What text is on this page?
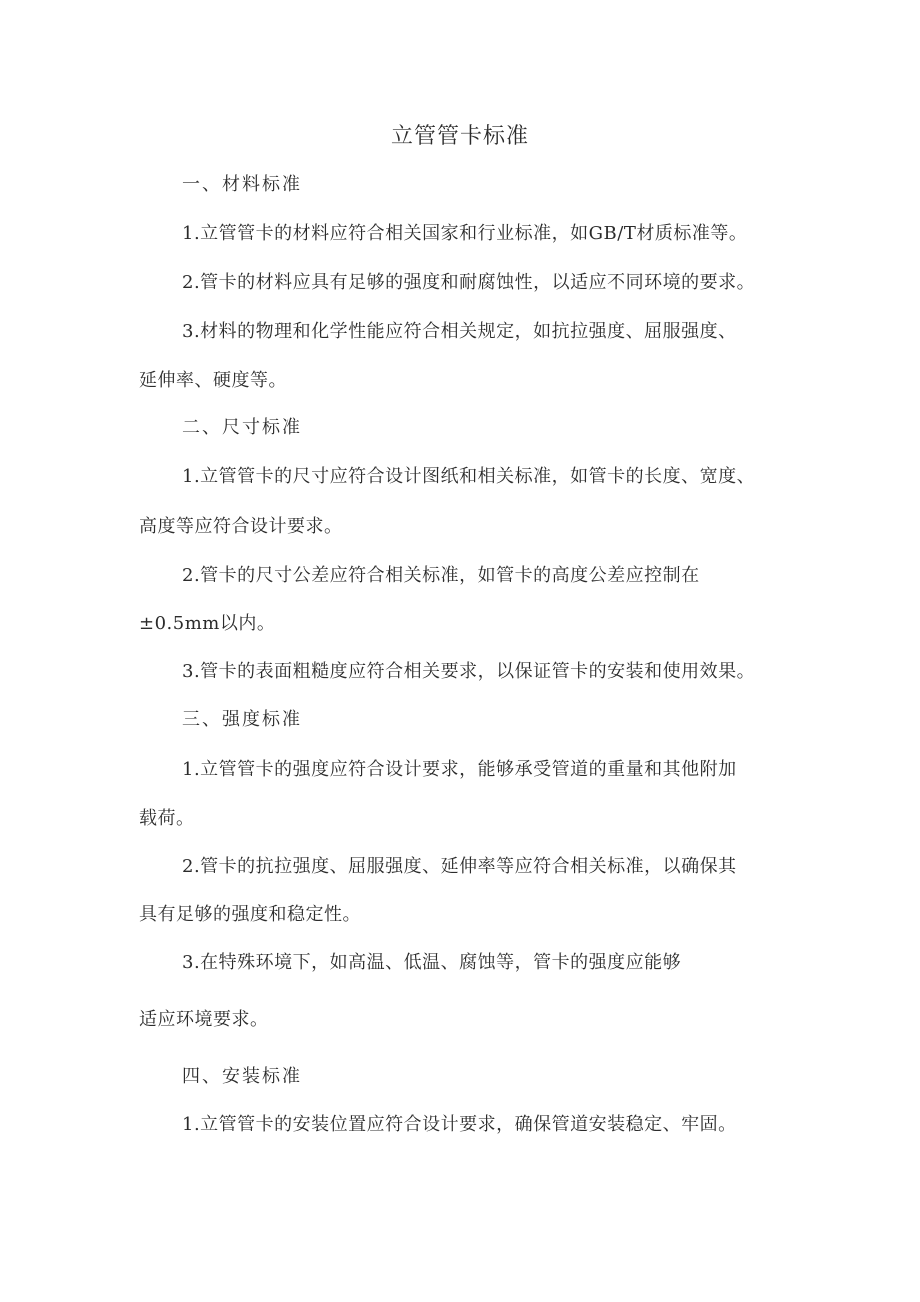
立管管卡标准
一、材料标准
1.立管管卡的材料应符合相关国家和行业标准，如GB/T材质标准等。
2.管卡的材料应具有足够的强度和耐腐蚀性，以适应不同环境的要求。
3.材料的物理和化学性能应符合相关规定，如抗拉强度、屈服强度、
延伸率、硬度等。
二、尺寸标准
1.立管管卡的尺寸应符合设计图纸和相关标准，如管卡的长度、宽度、
高度等应符合设计要求。
2.管卡的尺寸公差应符合相关标准，如管卡的高度公差应控制在
±0.5mm以内。
3.管卡的表面粗糙度应符合相关要求，以保证管卡的安装和使用效果。
三、强度标准
1.立管管卡的强度应符合设计要求，能够承受管道的重量和其他附加
载荷。
2.管卡的抗拉强度、屈服强度、延伸率等应符合相关标准，以确保其
具有足够的强度和稳定性。
3.在特殊环境下，如高温、低温、腐蚀等，管卡的强度应能够
适应环境要求。
四、安装标准
1.立管管卡的安装位置应符合设计要求，确保管道安装稳定、牢固。
